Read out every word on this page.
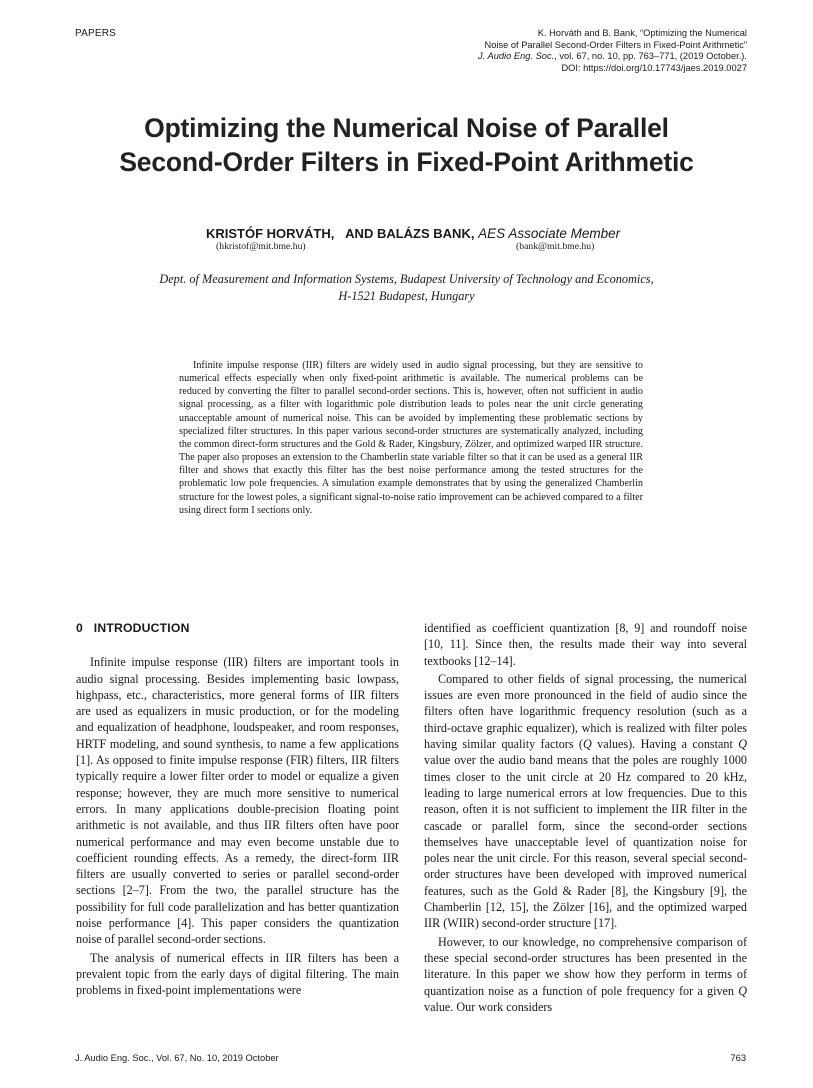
PAPERS	K. Horváth and B. Bank, “Optimizing the Numerical
Noise of Parallel Second-Order Filters in Fixed-Point Arithmetic”
J. Audio Eng. Soc., vol. 67, no. 10, pp. 763–771, (2019 October.).
DOI: https://doi.org/10.17743/jaes.2019.0027
Optimizing the Numerical Noise of Parallel
Second-Order Filters in Fixed-Point Arithmetic
KRISTÓF HORVÁTH, AND BALÁZS BANK, AES Associate Member
(hkristof@mit.bme.hu)	(bank@mit.bme.hu)
Dept. of Measurement and Information Systems, Budapest University of Technology and Economics,
H-1521 Budapest, Hungary

Infinite impulse response (IIR) filters are widely used in audio signal processing, but they are sensitive to numerical effects especially when only fixed-point arithmetic is available. The numerical problems can be reduced by converting the filter to parallel second-order sections. This is, however, often not sufficient in audio signal processing, as a filter with logarithmic pole distribution leads to poles near the unit circle generating unacceptable amount of numerical noise. This can be avoided by implementing these problematic sections by specialized filter structures. In this paper various second-order structures are systematically analyzed, including the common direct-form structures and the Gold & Rader, Kingsbury, Zölzer, and optimized warped IIR structure. The paper also proposes an extension to the Chamberlin state variable filter so that it can be used as a general IIR filter and shows that exactly this filter has the best noise performance among the tested structures for the problematic low pole frequencies. A simulation example demonstrates that by using the generalized Chamberlin structure for the lowest poles, a significant signal-to-noise ratio improvement can be achieved compared to a filter using direct form I sections only.

0   INTRODUCTION

Infinite impulse response (IIR) filters are important tools in audio signal processing. Besides implementing basic lowpass, highpass, etc., characteristics, more general forms of IIR filters are used as equalizers in music production, or for the modeling and equalization of headphone, loudspeaker, and room responses, HRTF modeling, and sound synthesis, to name a few applications [1]. As opposed to finite impulse response (FIR) filters, IIR filters typically require a lower filter order to model or equalize a given response; however, they are much more sensitive to numerical errors. In many applications double-precision floating point arithmetic is not available, and thus IIR filters often have poor numerical performance and may even become unstable due to coefficient rounding effects. As a remedy, the direct-form IIR filters are usually converted to series or parallel second-order sections [2–7]. From the two, the parallel structure has the possibility for full code parallelization and has better quantization noise performance [4]. This paper considers the quantization noise of parallel second-order sections.

The analysis of numerical effects in IIR filters has been a prevalent topic from the early days of digital filtering. The main problems in fixed-point implementations were

identified as coefficient quantization [8, 9] and roundoff noise [10, 11]. Since then, the results made their way into several textbooks [12–14].

Compared to other fields of signal processing, the numerical issues are even more pronounced in the field of audio since the filters often have logarithmic frequency resolution (such as a third-octave graphic equalizer), which is realized with filter poles having similar quality factors (Q values). Having a constant Q value over the audio band means that the poles are roughly 1000 times closer to the unit circle at 20 Hz compared to 20 kHz, leading to large numerical errors at low frequencies. Due to this reason, often it is not sufficient to implement the IIR filter in the cascade or parallel form, since the second-order sections themselves have unacceptable level of quantization noise for poles near the unit circle. For this reason, several special second-order structures have been developed with improved numerical features, such as the Gold & Rader [8], the Kingsbury [9], the Chamberlin [12, 15], the Zölzer [16], and the optimized warped IIR (WIIR) second-order structure [17].

However, to our knowledge, no comprehensive comparison of these special second-order structures has been presented in the literature. In this paper we show how they perform in terms of quantization noise as a function of pole frequency for a given Q value. Our work considers

J. Audio Eng. Soc., Vol. 67, No. 10, 2019 October	763
